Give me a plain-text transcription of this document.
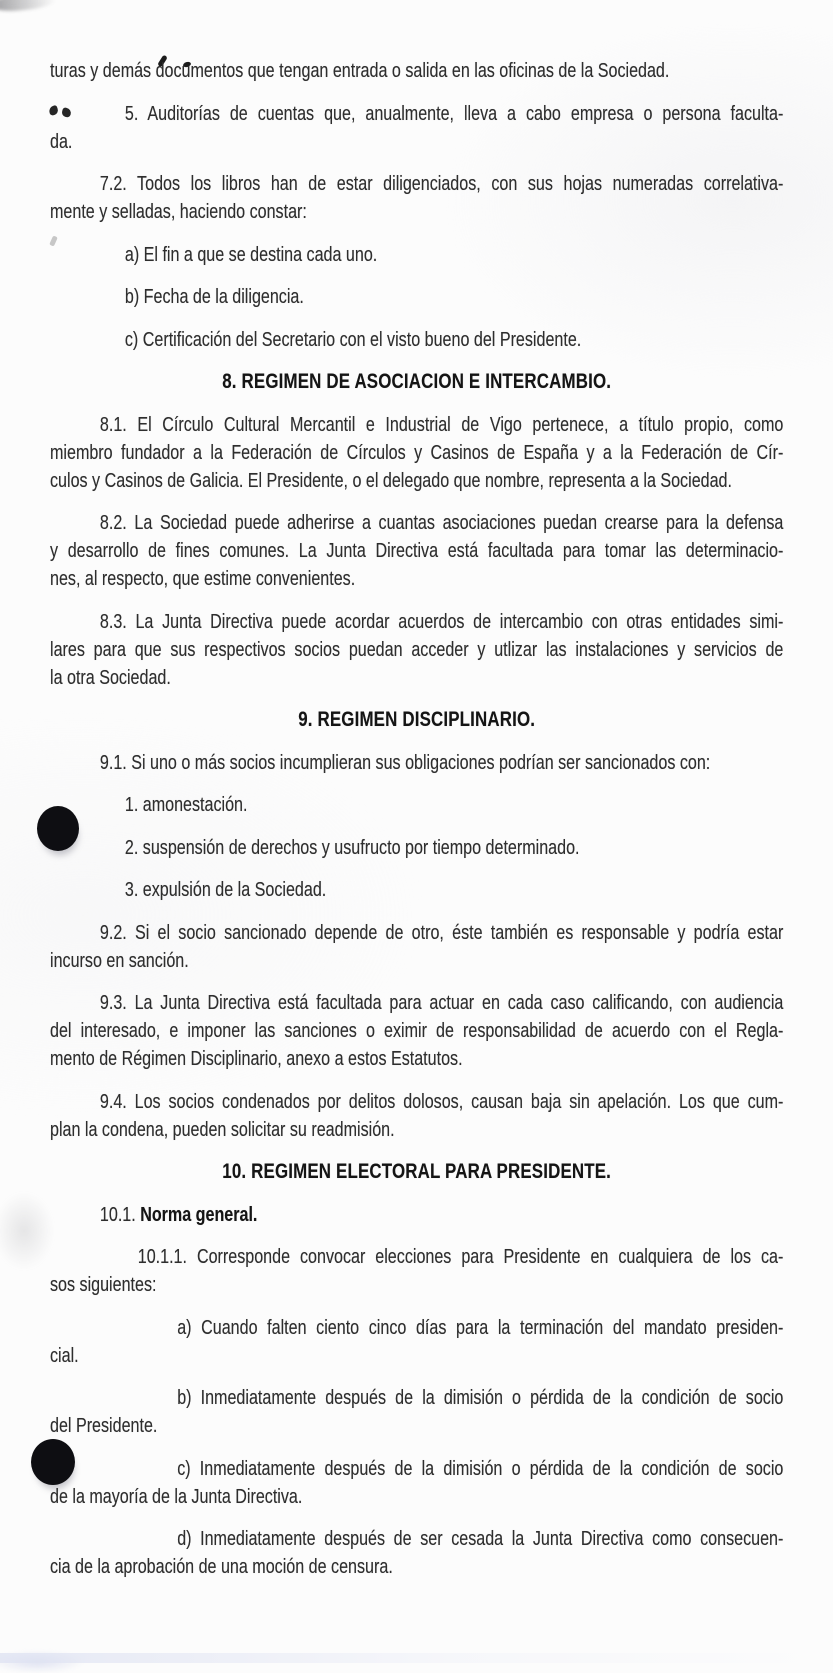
turas y demás documentos que tengan entrada o salida en las oficinas de la Sociedad.
5. Auditorías de cuentas que, anualmente, lleva a cabo empresa o persona faculta-
da.
7.2. Todos los libros han de estar diligenciados, con sus hojas numeradas correlativa-
mente y selladas, haciendo constar:
a) El fin a que se destina cada uno.
b) Fecha de la diligencia.
c) Certificación del Secretario con el visto bueno del Presidente.
8. REGIMEN DE ASOCIACION E INTERCAMBIO.
8.1. El Círculo Cultural Mercantil e Industrial de Vigo pertenece, a título propio, como
miembro fundador a la Federación de Círculos y Casinos de España y a la Federación de Cír-
culos y Casinos de Galicia. El Presidente, o el delegado que nombre, representa a la Sociedad.
8.2. La Sociedad puede adherirse a cuantas asociaciones puedan crearse para la defensa
y desarrollo de fines comunes. La Junta Directiva está facultada para tomar las determinacio-
nes, al respecto, que estime convenientes.
8.3. La Junta Directiva puede acordar acuerdos de intercambio con otras entidades simi-
lares para que sus respectivos socios puedan acceder y utlizar las instalaciones y servicios de
la otra Sociedad.
9. REGIMEN DISCIPLINARIO.
9.1. Si uno o más socios incumplieran sus obligaciones podrían ser sancionados con:
1. amonestación.
2. suspensión de derechos y usufructo por tiempo determinado.
3. expulsión de la Sociedad.
9.2. Si el socio sancionado depende de otro, éste también es responsable y podría estar
incurso en sanción.
9.3. La Junta Directiva está facultada para actuar en cada caso calificando, con audiencia
del interesado, e imponer las sanciones o eximir de responsabilidad de acuerdo con el Regla-
mento de Régimen Disciplinario, anexo a estos Estatutos.
9.4. Los socios condenados por delitos dolosos, causan baja sin apelación. Los que cum-
plan la condena, pueden solicitar su readmisión.
10. REGIMEN ELECTORAL PARA PRESIDENTE.
10.1. Norma general.
10.1.1. Corresponde convocar elecciones para Presidente en cualquiera de los ca-
sos siguientes:
a) Cuando falten ciento cinco días para la terminación del mandato presiden-
cial.
b) Inmediatamente después de la dimisión o pérdida de la condición de socio
del Presidente.
c) Inmediatamente después de la dimisión o pérdida de la condición de socio
de la mayoría de la Junta Directiva.
d) Inmediatamente después de ser cesada la Junta Directiva como consecuen-
cia de la aprobación de una moción de censura.
